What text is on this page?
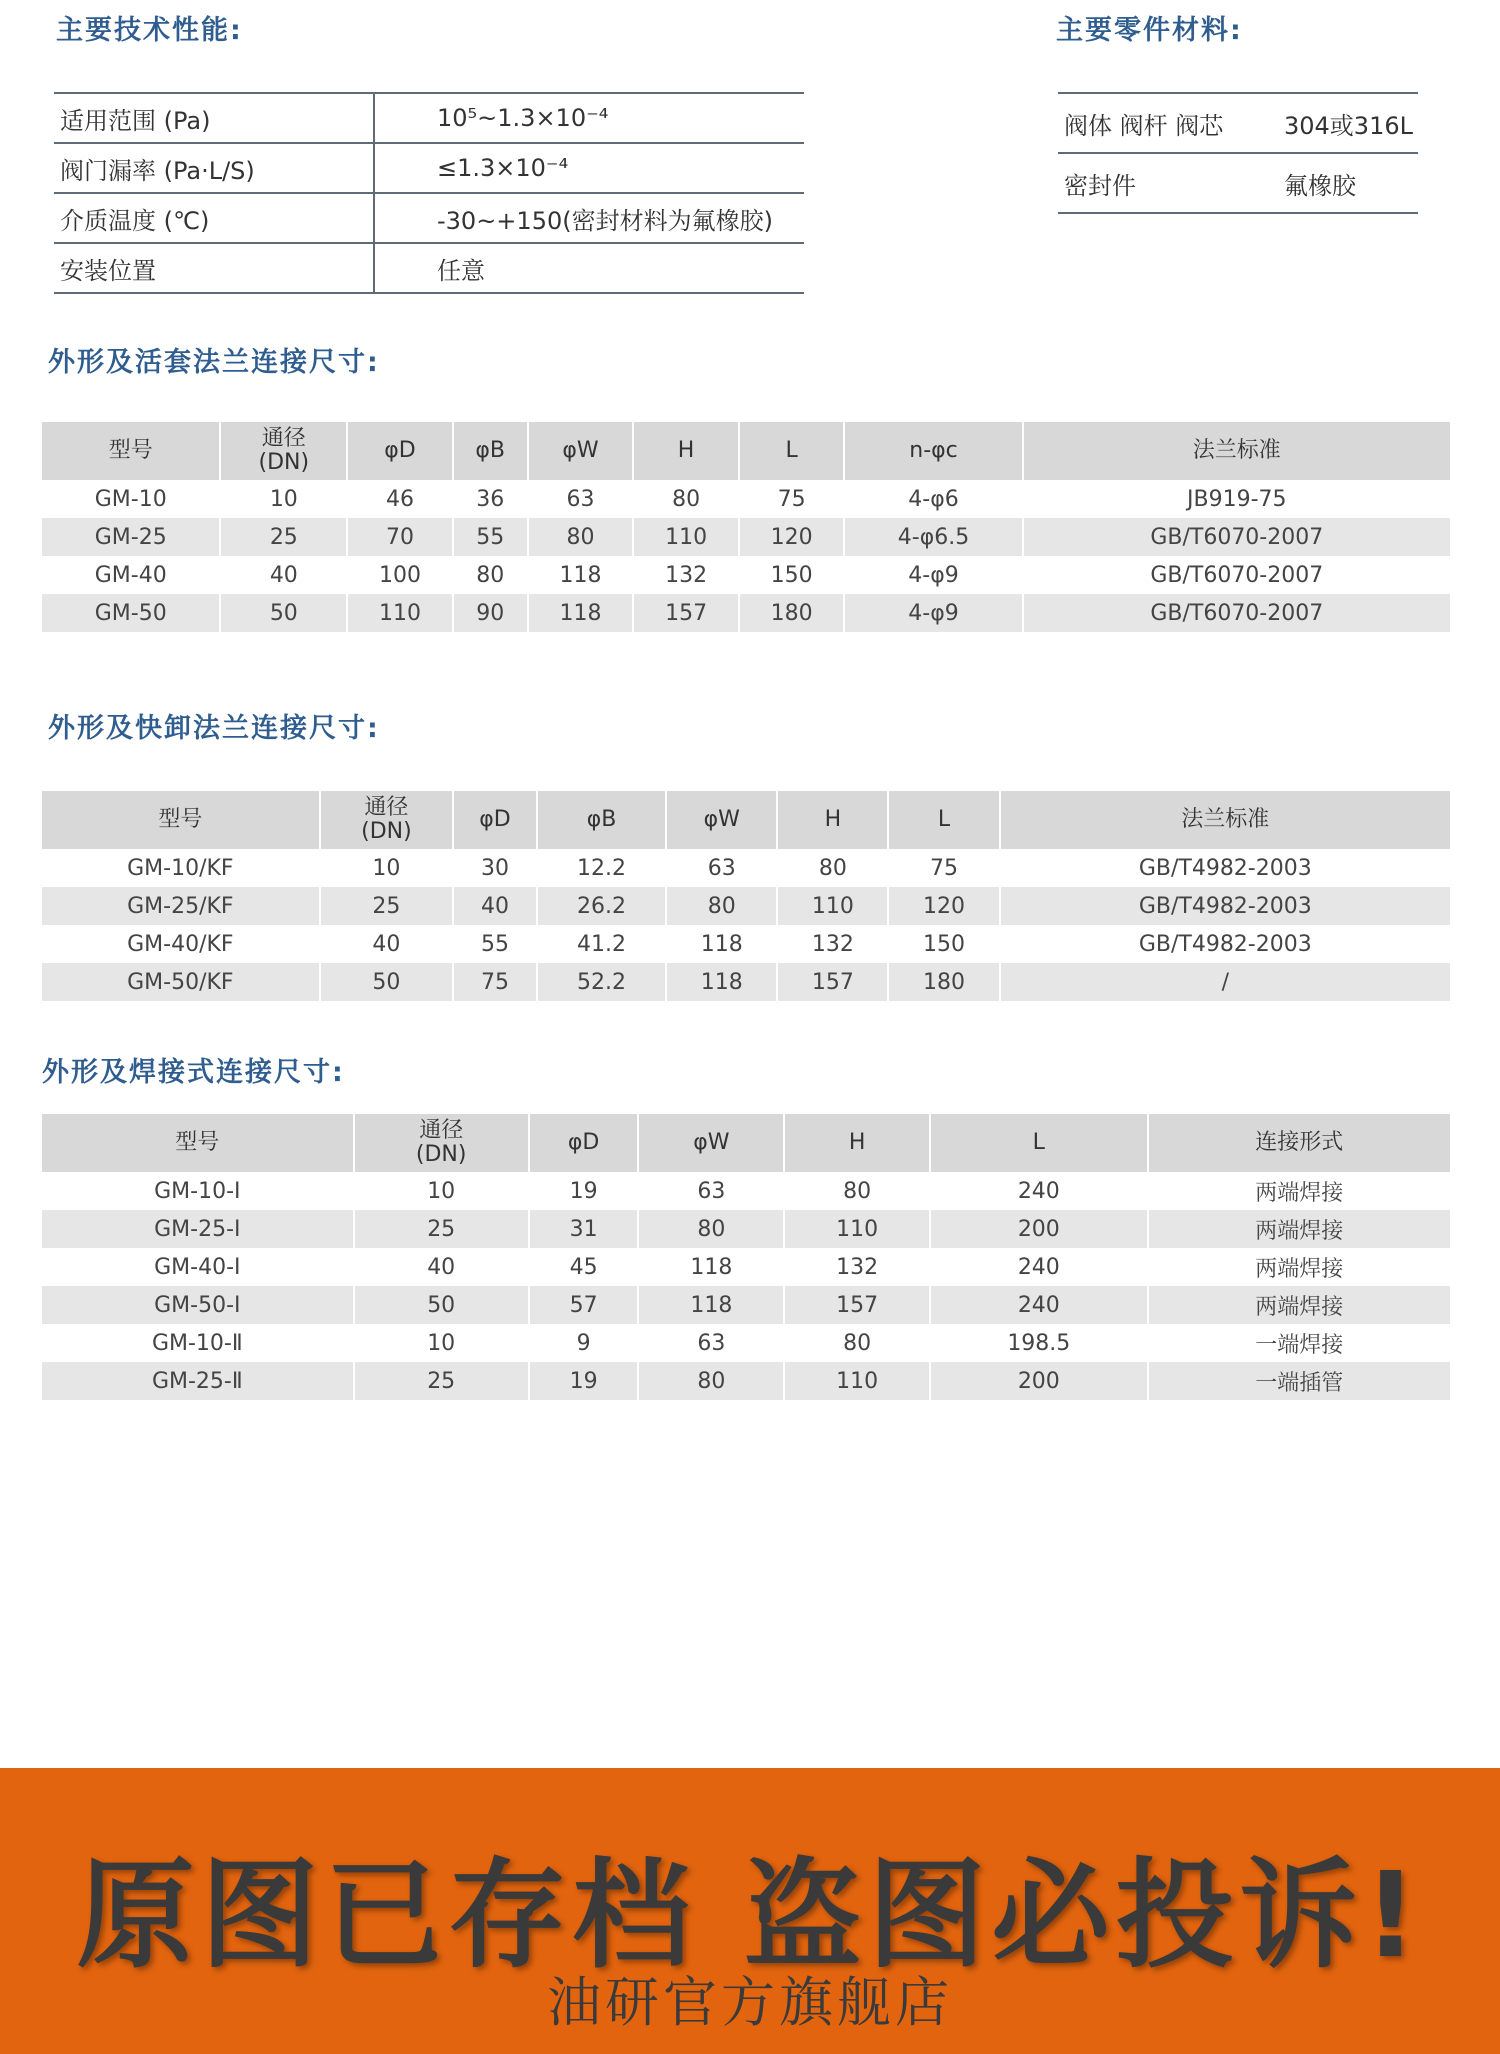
主要技术性能:	主要零件材料:
适用范围 (Pa)	10⁵~1.3×10⁻⁴
阀门漏率 (Pa·L/S)	≤1.3×10⁻⁴
介质温度 (℃)	-30~+150(密封材料为氟橡胶)
安装位置	任意
阀体 阀杆 阀芯	304或316L
密封件	氟橡胶
外形及活套法兰连接尺寸:
型号	通径
(DN)	φD	φB	φW	H	L	n-φc	法兰标准
GM-10	10	46	36	63	80	75	4-φ6	JB919-75
GM-25	25	70	55	80	110	120	4-φ6.5	GB/T6070-2007
GM-40	40	100	80	118	132	150	4-φ9	GB/T6070-2007
GM-50	50	110	90	118	157	180	4-φ9	GB/T6070-2007
外形及快卸法兰连接尺寸:
型号	通径
(DN)	φD	φB	φW	H	L	法兰标准
GM-10/KF	10	30	12.2	63	80	75	GB/T4982-2003
GM-25/KF	25	40	26.2	80	110	120	GB/T4982-2003
GM-40/KF	40	55	41.2	118	132	150	GB/T4982-2003
GM-50/KF	50	75	52.2	118	157	180	/
外形及焊接式连接尺寸:
型号	通径
(DN)	φD	φW	H	L	连接形式
GM-10-Ⅰ	10	19	63	80	240	两端焊接
GM-25-Ⅰ	25	31	80	110	200	两端焊接
GM-40-Ⅰ	40	45	118	132	240	两端焊接
GM-50-Ⅰ	50	57	118	157	240	两端焊接
GM-10-Ⅱ	10	9	63	80	198.5	一端焊接
GM-25-Ⅱ	25	19	80	110	200	一端插管
原图已存档 盗图必投诉!
油研官方旗舰店
